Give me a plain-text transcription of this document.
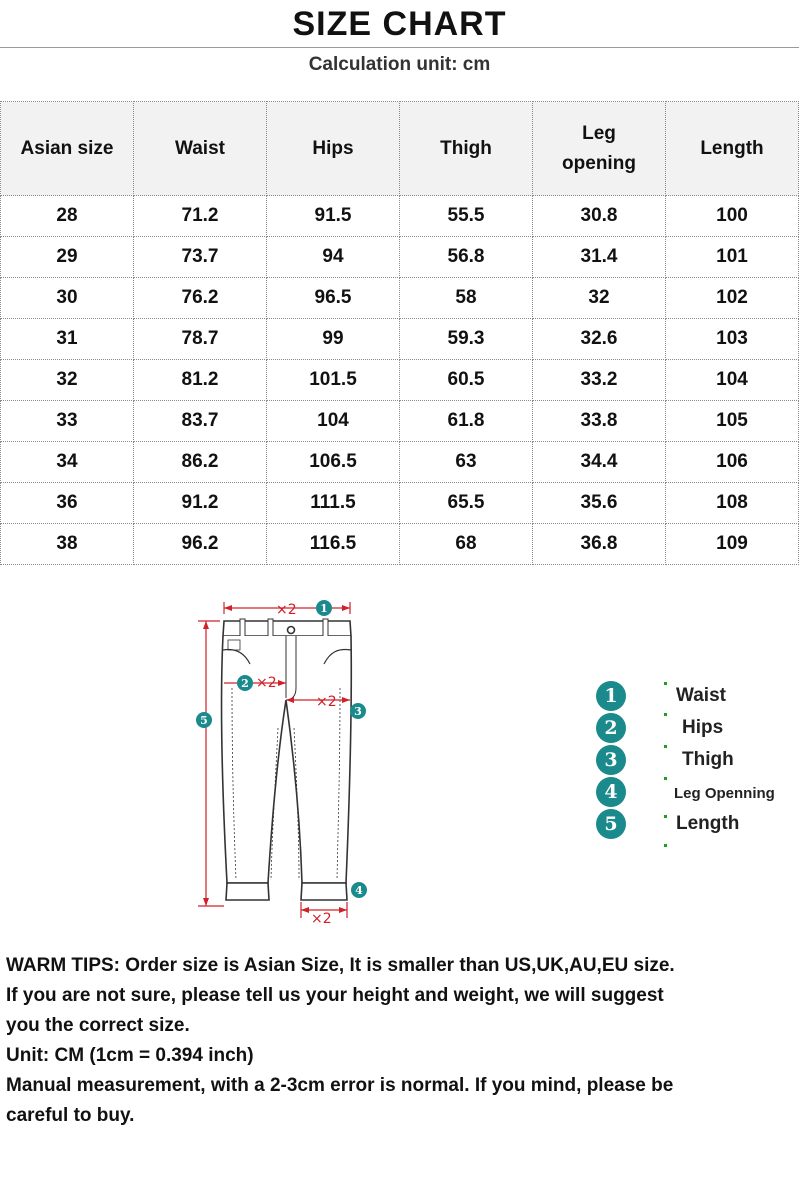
SIZE CHART
Calculation unit: cm
Asian size	Waist	Hips	Thigh	Leg opening	Length
28	71.2	91.5	55.5	30.8	100
29	73.7	94	56.8	31.4	101
30	76.2	96.5	58	32	102
31	78.7	99	59.3	32.6	103
32	81.2	101.5	60.5	33.2	104
33	83.7	104	61.8	33.8	105
34	86.2	106.5	63	34.4	106
36	91.2	111.5	65.5	35.6	108
38	96.2	116.5	68	36.8	109
×2
×2
×2
×2
1
2
3
4
5
1	Waist
2	Hips
3	Thigh
4	Leg Openning
5	Length
WARM TIPS: Order size is Asian Size, It is smaller than US,UK,AU,EU size.
If you are not sure, please tell us your height and weight, we will suggest
you the correct size.
Unit: CM (1cm = 0.394 inch)
Manual measurement, with a 2-3cm error is normal. If you mind, please be
careful to buy.
